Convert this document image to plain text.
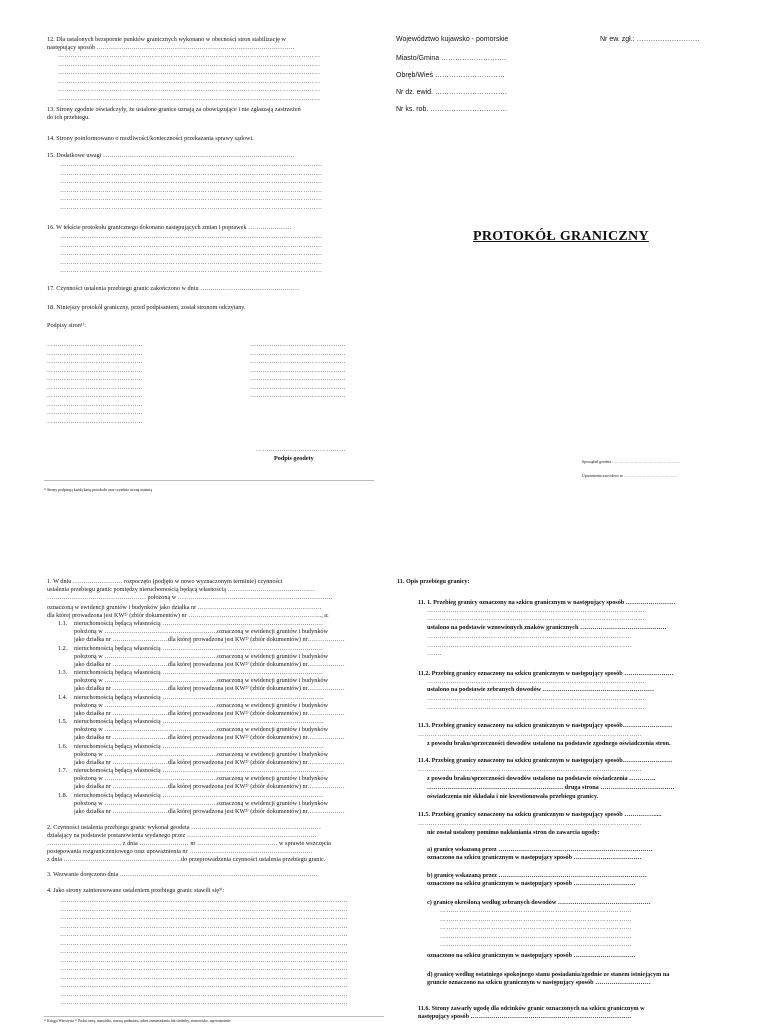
12. Dla ustalonych bezspornie punktów granicznych wykonano w obecności stron stabilizację w
następujący sposób ……………………………………………………………………………………
……………………………………………………………………………………………………………
……………………………………………………………………………………………………………
……………………………………………………………………………………………………………
……………………………………………………………………………………………………………
……………………………………………………………………………………………………………
……………………………………………………………………………………………………………
13. Strony zgodnie oświadczyły, że ustalone granice uznają za obowiązujące i nie zgłaszają zastrzeżeń
do ich przebiegu.
14. Strony poinformowano o możliwości/konieczności przekazania sprawy sądowi.
15. Dodatkowe uwagi …………………………………………………………………………………
……………………………………………………………………………………………………………
……………………………………………………………………………………………………………
……………………………………………………………………………………………………………
……………………………………………………………………………………………………………
……………………………………………………………………………………………………………
……………………………………………………………………………………………………………
16. W tekście protokołu granicznego dokonano następujących zmian i poprawek …………………
……………………………………………………………………………………………………………
……………………………………………………………………………………………………………
……………………………………………………………………………………………………………
……………………………………………………………………………………………………………
……………………………………………………………………………………………………………
17. Czynności ustalenia przebiegu granic zakończono w dniu …………………………………………
18. Niniejszy protokół graniczny, przed podpisaniem, został stronom odczytany.
Podpisy stron¹⁾:
………………………………………
………………………………………
………………………………………
………………………………………
………………………………………
………………………………………
………………………………………
………………………………………
………………………………………
………………………………………
………………………………………
………………………………………
………………………………………
………………………………………
………………………………………
………………………………………
………………………………………
……………………………………
Podpis geodety
¹⁾ Strony podpisują każdą kartę protokołu oraz czytelnie stronę ostatnią
Województwo kujawsko - pomorskie	Nr ew. zgł.: ………………………
Miasto/Gmina ……………………….
Obręb/Wieś …………………………
Nr dz. ewid. ………………………….
Nr ks. rob. ……………………………
PROTOKÓŁ GRANICZNY
Sporządził geodeta ………………………………………………
Uprawnienia zawodowe nr ……………………………………
1. W dniu …………………… rozpoczęto (podjęto w nowo wyznaczonym terminie) czynności
ustalenia przebiegu granic pomiędzy nieruchomością będącą własnością ……………………………………
………………………………………… położoną w …………………………………………………………………
oznaczoną w ewidencji gruntów i budynków jako działka nr ……………………………………………………
dla której prowadzona jest KW²⁾ (zbiór dokumentów) nr ……………………………………………………….., a:
1.1. nieruchomością będącą własnością ……………………………………………………………………
położoną w ……………………………………………….oznaczoną w ewidencji gruntów i budynków
jako działka nr ………………………dla której prowadzona jest KW²⁾ (zbiór dokumentów) nr………………
1.2. nieruchomością będącą własnością ……………………………………………………………………
położoną w ……………………………………………….oznaczoną w ewidencji gruntów i budynków
jako działka nr ………………………dla której prowadzona jest KW²⁾ (zbiór dokumentów) nr………………
1.3. nieruchomością będącą własnością ……………………………………………………………………
położoną w ……………………………………………….oznaczoną w ewidencji gruntów i budynków
jako działka nr ………………………dla której prowadzona jest KW²⁾ (zbiór dokumentów) nr………………
1.4. nieruchomością będącą własnością ……………………………………………………………………
położoną w ……………………………………………….oznaczoną w ewidencji gruntów i budynków
jako działka nr ………………………dla której prowadzona jest KW²⁾ (zbiór dokumentów) nr………………
1.5. nieruchomością będącą własnością ……………………………………………………………………
położoną w ……………………………………………….oznaczoną w ewidencji gruntów i budynków
jako działka nr ………………………dla której prowadzona jest KW²⁾ (zbiór dokumentów) nr………………
1.6. nieruchomością będącą własnością ……………………………………………………………………
położoną w ……………………………………………….oznaczoną w ewidencji gruntów i budynków
jako działka nr ………………………dla której prowadzona jest KW²⁾ (zbiór dokumentów) nr………………
1.7. nieruchomością będącą własnością ……………………………………………………………………
położoną w ……………………………………………….oznaczoną w ewidencji gruntów i budynków
jako działka nr ………………………dla której prowadzona jest KW²⁾ (zbiór dokumentów) nr………………
1.8. nieruchomością będącą własnością ……………………………………………………………………
położoną w ……………………………………………….oznaczoną w ewidencji gruntów i budynków
jako działka nr ………………………dla której prowadzona jest KW²⁾ (zbiór dokumentów) nr………………
2. Czynności ustalenia przebiegu granic wykonał geodeta ………………………………………………………
działający na podstawie postanowienia wydanego przez ………………………………………………………
……………………………… z dnia …………………… nr ………………………………… w sprawie wszczęcia
postępowania rozgraniczeniowego oraz upoważnienia nr ……………………………………………………
z dnia …………………………………………………do przeprowadzenia czynności ustalenia przebiegu granic.
3. Wezwanie doręczono dnia ……………………………………………………………………………………
4. Jako strony zainteresowane ustaleniem przebiegu granic stawili się³⁾:
………………………………………………………………………………………………………………………
………………………………………………………………………………………………………………………
………………………………………………………………………………………………………………………
………………………………………………………………………………………………………………………
………………………………………………………………………………………………………………………
………………………………………………………………………………………………………………………
………………………………………………………………………………………………………………………
………………………………………………………………………………………………………………………
………………………………………………………………………………………………………………………
………………………………………………………………………………………………………………………
………………………………………………………………………………………………………………………
………………………………………………………………………………………………………………………
………………………………………………………………………………………………………………………
²⁾ Księga Wieczysta ³⁾ Podać imię, nazwisko, nazwę podmiotu, adres zamieszkania lub siedziby, stanowisko, upoważnienie
11. Opis przebiegu granicy:
11. 1. Przebieg granicy oznaczony na szkicu granicznym w następujący sposób ……………………
…………………………………………………………………………………………
…………………………………………………………………………………………
ustalono na podstawie wznowionych znaków granicznych ……………………………………
……………………………………………………………………………………
……………………………………………………………………………………
…….
11.2. Przebieg granicy oznaczony na szkicu granicznym w następujący sposób ……………………
…………………………………………………………………………………………
ustalono na podstawie zebranych dowodów ………………………………………………
…………………………………………………………………………………………
…………………………………………………………………………………………
11.3. Przebieg granicy oznaczony na szkicu granicznym w następujący sposób……………………
……………………………………………………………………………………………
z powodu braku/sprzeczności dowodów ustalono na podstawie zgodnego oświadczenia stron.
11.4. Przebieg granicy oznaczony na szkicu granicznym w następujący sposób……………………
……………………………………………………………………………………………
z powodu braku/sprzeczności dowodów ustalono na podstawie oświadczenia ………….
………………………………………………………… druga strona ………………………………
oświadczenia nie składała i nie kwestionowała przebiegu granicy.
11.5. Przebieg granicy oznaczony na szkicu granicznym w następujący sposób ……………....
……………………………………………………………………………………………
nie został ustalony pomimo nakłaniania stron do zawarcia ugody:
a) granicę wskazaną przez …………………………………………………………………
oznaczono na szkicu granicznym w następujący sposób ……………………………
b) granicę wskazaną przez ………………………………………………………………
oznaczono na szkicu granicznym w następujący sposób …………………………
c) granicę określoną według zebranych dowodów ………………………………………
………………………………………………………………………………
………………………………………………………………………………
………………………………………………………………………………
………………………………………………………………………………
………………………………………………………………………………
oznaczono na szkicu granicznym w następujący sposób …………………………
d) granicę według ostatniego spokojnego stanu posiadania/zgodnie ze stanem istniejącym na
gruncie oznaczono na szkicu granicznym w następujący sposób ………………………
11.6. Strony zawarły ugodę dla odcinków granic oznaczonych na szkicu granicznym w
następujący sposób ……………………………………………………………………
